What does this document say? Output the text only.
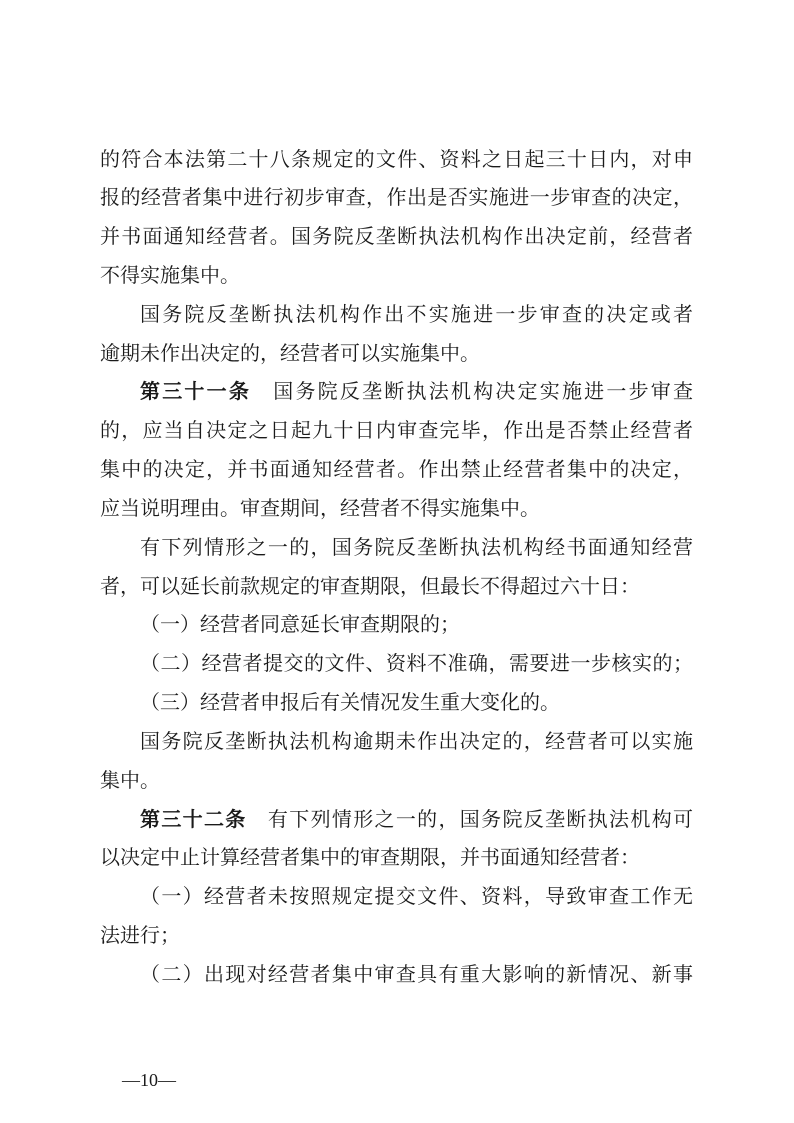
的符合本法第二十八条规定的文件、资料之日起三十日内，对申
报的经营者集中进行初步审查，作出是否实施进一步审查的决定，
并书面通知经营者。国务院反垄断执法机构作出决定前，经营者
不得实施集中。
国务院反垄断执法机构作出不实施进一步审查的决定或者
逾期未作出决定的，经营者可以实施集中。
第三十一条　国务院反垄断执法机构决定实施进一步审查
的，应当自决定之日起九十日内审查完毕，作出是否禁止经营者
集中的决定，并书面通知经营者。作出禁止经营者集中的决定，
应当说明理由。审查期间，经营者不得实施集中。
有下列情形之一的，国务院反垄断执法机构经书面通知经营
者，可以延长前款规定的审查期限，但最长不得超过六十日：
（一）经营者同意延长审查期限的；
（二）经营者提交的文件、资料不准确，需要进一步核实的；
（三）经营者申报后有关情况发生重大变化的。
国务院反垄断执法机构逾期未作出决定的，经营者可以实施
集中。
第三十二条　有下列情形之一的，国务院反垄断执法机构可
以决定中止计算经营者集中的审查期限，并书面通知经营者：
（一）经营者未按照规定提交文件、资料，导致审查工作无
法进行；
（二）出现对经营者集中审查具有重大影响的新情况、新事
—10—
